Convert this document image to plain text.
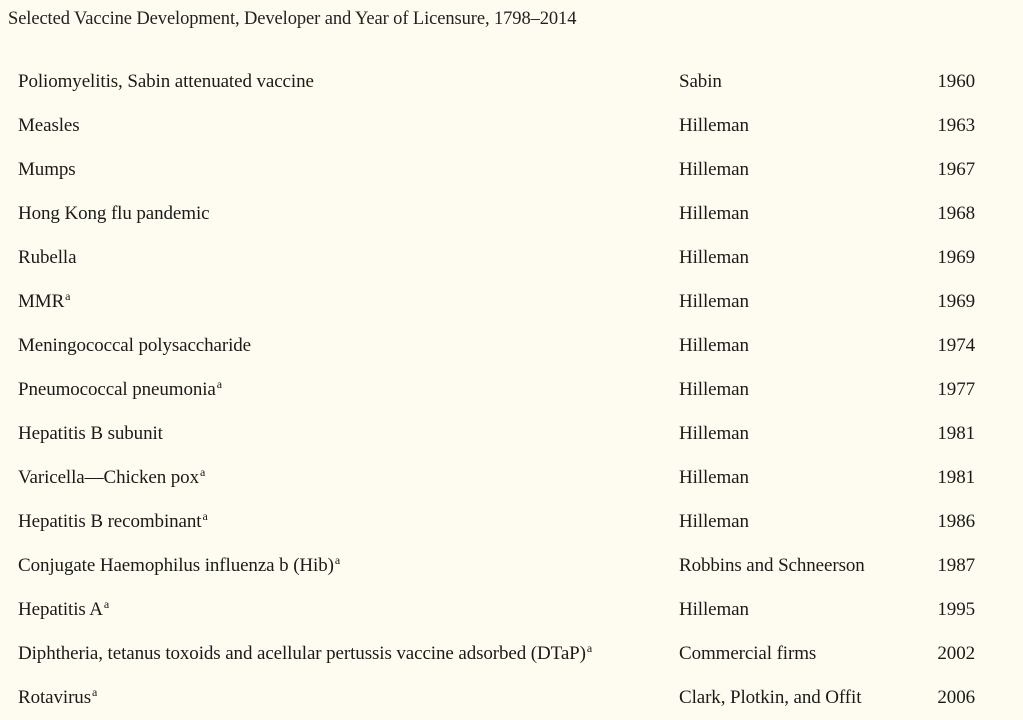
Selected Vaccine Development, Developer and Year of Licensure, 1798–2014
Poliomyelitis, Sabin attenuated vaccine	Sabin	1960
Measles	Hilleman	1963
Mumps	Hilleman	1967
Hong Kong flu pandemic	Hilleman	1968
Rubella	Hilleman	1969
MMR$^a$	Hilleman	1969
Meningococcal polysaccharide	Hilleman	1974
Pneumococcal pneumonia$^a$	Hilleman	1977
Hepatitis B subunit	Hilleman	1981
Varicella—Chicken pox$^a$	Hilleman	1981
Hepatitis B recombinant$^a$	Hilleman	1986
Conjugate Haemophilus influenza b (Hib)$^a$	Robbins and Schneerson	1987
Hepatitis $A^a$	Hilleman	1995
Diphtheria, tetanus toxoids and acellular pertussis vaccine adsorbed (DTaP)$^a$	Commercial firms	2002
Rotavirus$^a$	Clark, Plotkin, and Offit	2006
